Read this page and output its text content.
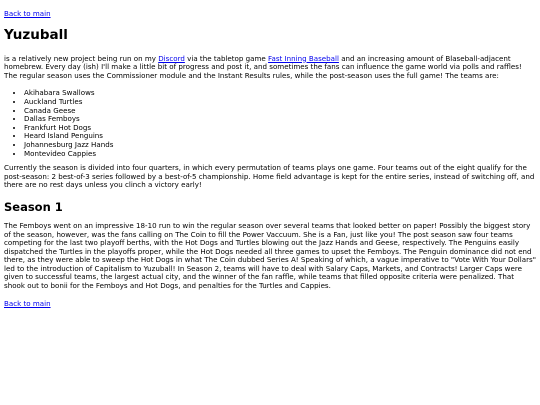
Back to main
Yuzuball

is a relatively new project being run on my Discord via the tabletop game Fast Inning Baseball and an increasing amount of Blaseball-adjacent homebrew. Every day (ish) I'll make a little bit of progress and post it, and sometimes the fans can influence the game world via polls and raffles! The regular season uses the Commissioner module and the Instant Results rules, while the post-season uses the full game! The teams are:

• Akihabara Swallows
• Auckland Turtles
• Canada Geese
• Dallas Femboys
• Frankfurt Hot Dogs
• Heard Island Penguins
• Johannesburg Jazz Hands
• Montevideo Cappies

Currently the season is divided into four quarters, in which every permutation of teams plays one game. Four teams out of the eight qualify for the post-season: 2 best-of-3 series followed by a best-of-5 championship. Home field advantage is kept for the entire series, instead of switching off, and there are no rest days unless you clinch a victory early!

Season 1

The Femboys went on an impressive 18-10 run to win the regular season over several teams that looked better on paper! Possibly the biggest story of the season, however, was the fans calling on The Coin to fill the Power Vaccuum. She is a Fan, just like you! The post season saw four teams competing for the last two playoff berths, with the Hot Dogs and Turtles blowing out the Jazz Hands and Geese, respectively. The Penguins easily dispatched the Turtles in the playoffs proper, while the Hot Dogs needed all three games to upset the Femboys. The Penguin dominance did not end there, as they were able to sweep the Hot Dogs in what The Coin dubbed Series A! Speaking of which, a vague imperative to "Vote With Your Dollars" led to the introduction of Capitalism to Yuzuball! In Season 2, teams will have to deal with Salary Caps, Markets, and Contracts! Larger Caps were given to successful teams, the largest actual city, and the winner of the fan raffle, while teams that filled opposite criteria were penalized. That shook out to bonii for the Femboys and Hot Dogs, and penalties for the Turtles and Cappies.

Back to main
